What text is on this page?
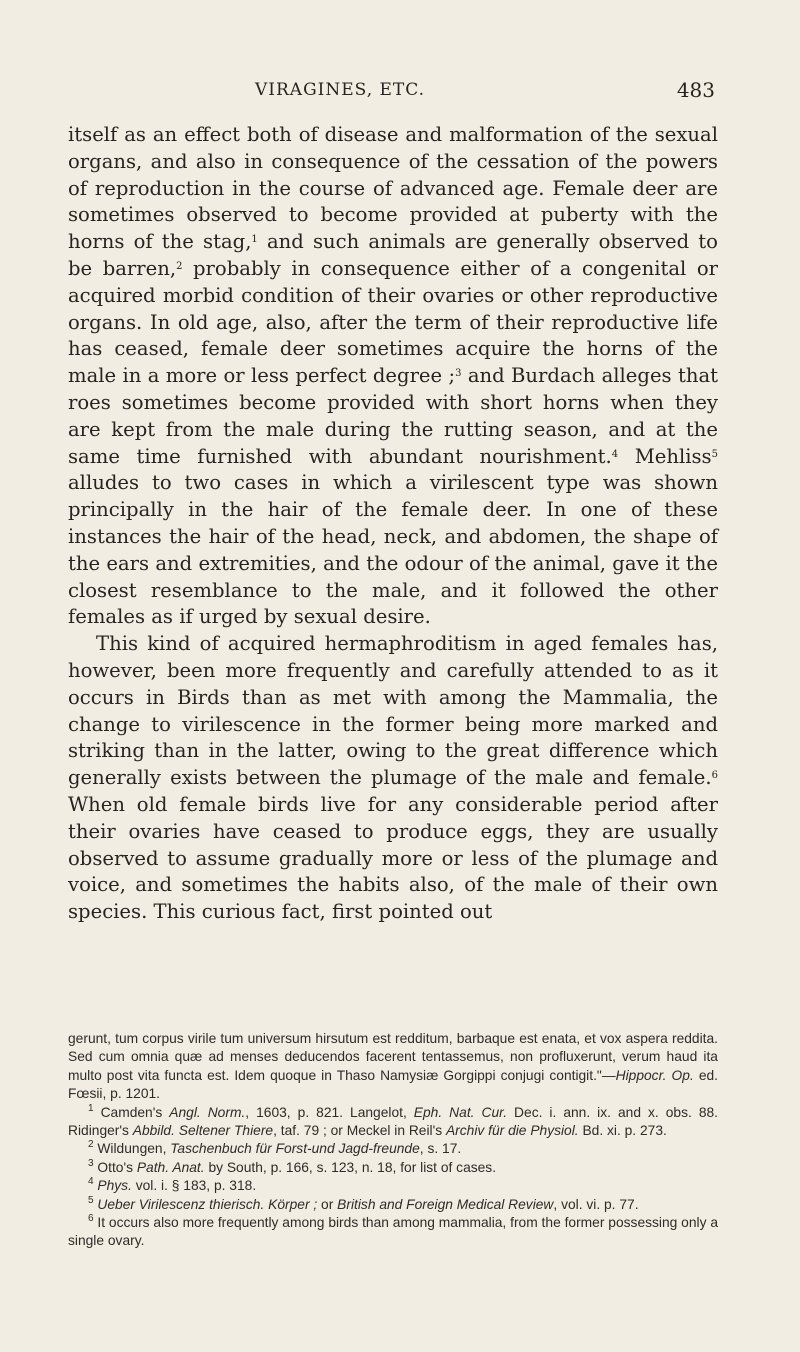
VIRAGINES, ETC.	483

itself as an effect both of disease and malformation of the sexual organs, and also in consequence of the cessation of the powers of reproduction in the course of advanced age. Female deer are sometimes observed to become provided at puberty with the horns of the stag,$^1$ and such animals are generally observed to be barren,$^2$ probably in consequence either of a congenital or acquired morbid condition of their ovaries or other reproductive organs. In old age, also, after the term of their reproductive life has ceased, female deer sometimes acquire the horns of the male in a more or less perfect degree ;$^3$ and Burdach alleges that roes sometimes become provided with short horns when they are kept from the male during the rutting season, and at the same time furnished with abundant nourishment.$^4$ Mehliss$^5$ alludes to two cases in which a virilescent type was shown principally in the hair of the female deer. In one of these instances the hair of the head, neck, and abdomen, the shape of the ears and extremities, and the odour of the animal, gave it the closest resemblance to the male, and it followed the other females as if urged by sexual desire.

This kind of acquired hermaphroditism in aged females has, however, been more frequently and carefully attended to as it occurs in Birds than as met with among the Mammalia, the change to virilescence in the former being more marked and striking than in the latter, owing to the great difference which generally exists between the plumage of the male and female.$^6$ When old female birds live for any considerable period after their ovaries have ceased to produce eggs, they are usually observed to assume gradually more or less of the plumage and voice, and sometimes the habits also, of the male of their own species. This curious fact, first pointed out

gerunt, tum corpus virile tum universum hirsutum est redditum, barbaque est enata, et vox aspera reddita. Sed cum omnia quæ ad menses deducendos facerent tentassemus, non profluxerunt, verum haud ita multo post vita functa est. Idem quoque in Thaso Namysiæ Gorgippi conjugi contigit."—Hippocr. Op. ed. Fœsii, p. 1201.

$^1$ Camden's Angl. Norm., 1603, p. 821. Langelot, Eph. Nat. Cur. Dec. i. ann. ix. and x. obs. 88. Ridinger's Abbild. Seltener Thiere, taf. 79 ; or Meckel in Reil's Archiv für die Physiol. Bd. xi. p. 273.

$^2$ Wildungen, Taschenbuch für Forst-und Jagd-freunde, s. 17.

$^3$ Otto's Path. Anat. by South, p. 166, s. 123, n. 18, for list of cases.

$^4$ Phys. vol. i. § 183, p. 318.

$^5$ Ueber Virilescenz thierisch. Körper ; or British and Foreign Medical Review, vol. vi. p. 77.

$^6$ It occurs also more frequently among birds than among mammalia, from the former possessing only a single ovary.
